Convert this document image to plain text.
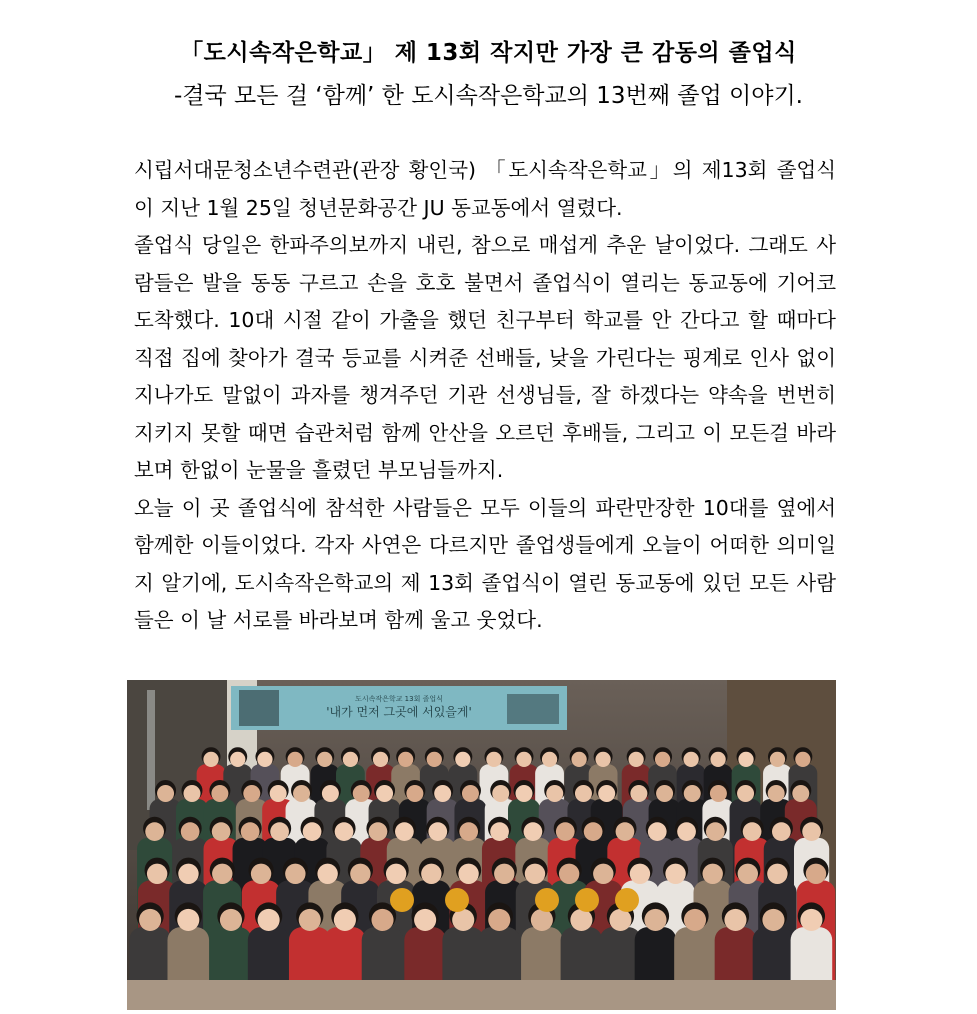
「도시속작은학교」 제 13회 작지만 가장 큰 감동의 졸업식
-결국 모든 걸 ‘함께’ 한 도시속작은학교의 13번째 졸업 이야기.

시립서대문청소년수련관(관장 황인국) 「도시속작은학교」의 제13회 졸업식이 지난 1월 25일 청년문화공간 JU 동교동에서 열렸다.

졸업식 당일은 한파주의보까지 내린, 참으로 매섭게 추운 날이었다. 그래도 사람들은 발을 동동 구르고 손을 호호 불면서 졸업식이 열리는 동교동에 기어코 도착했다. 10대 시절 같이 가출을 했던 친구부터 학교를 안 간다고 할 때마다 직접 집에 찾아가 결국 등교를 시켜준 선배들, 낮을 가린다는 핑계로 인사 없이 지나가도 말없이 과자를 챙겨주던 기관 선생님들, 잘 하겠다는 약속을 번번히 지키지 못할 때면 습관처럼 함께 안산을 오르던 후배들, 그리고 이 모든걸 바라보며 한없이 눈물을 흘렸던 부모님들까지.

오늘 이 곳 졸업식에 참석한 사람들은 모두 이들의 파란만장한 10대를 옆에서 함께한 이들이었다. 각자 사연은 다르지만 졸업생들에게 오늘이 어떠한 의미일지 알기에, 도시속작은학교의 제 13회 졸업식이 열린 동교동에 있던 모든 사람들은 이 날 서로를 바라보며 함께 울고 웃었다.

도시속작은학교 13회 졸업식
'내가 먼저 그곳에 서있을게'
